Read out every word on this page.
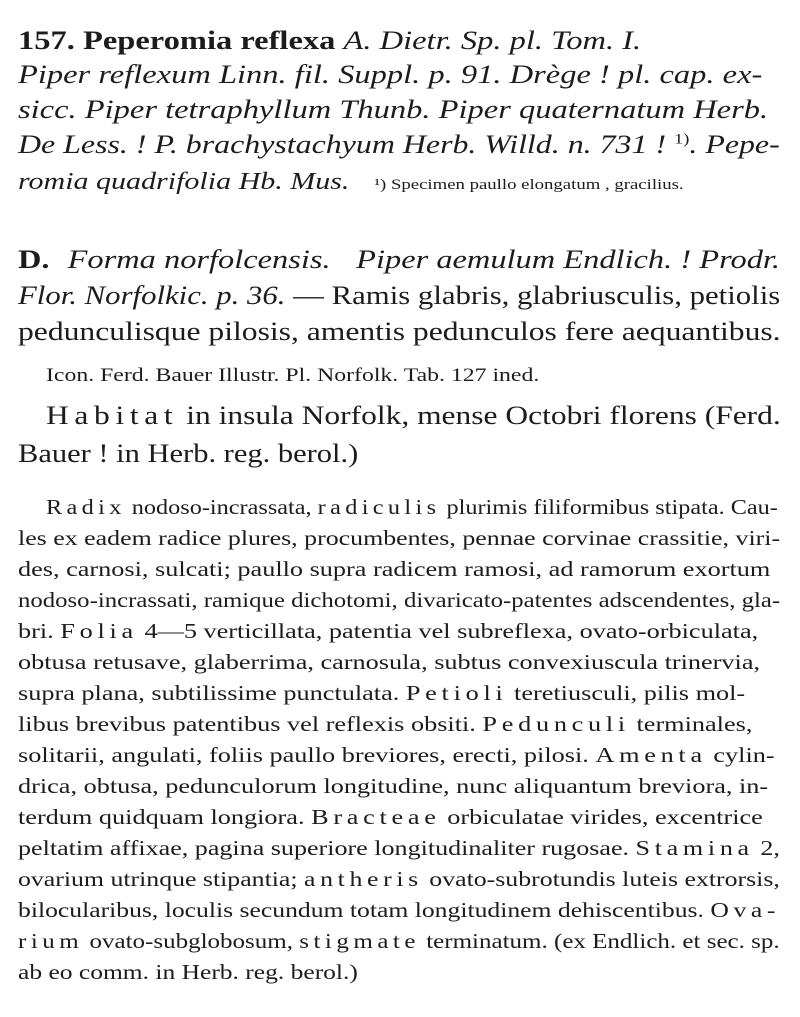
157. Peperomia reflexa A. Dietr. Sp. pl. Tom. I.
Piper reflexum Linn. fil. Suppl. p. 91. Drège ! pl. cap. ex-
sicc. Piper tetraphyllum Thunb. Piper quaternatum Herb.
De Less. ! P. brachystachyum Herb. Willd. n. 731 ! $^{1)}$. Pepe-
romia quadrifolia Hb. Mus. ¹) Specimen paullo elongatum , gracilius.
D. Forma norfolcensis. Piper aemulum Endlich. ! Prodr.
Flor. Norfolkic. p. 36. — Ramis glabris, glabriusculis, petiolis
pedunculisque pilosis, amentis pedunculos fere aequantibus.
Icon. Ferd. Bauer Illustr. Pl. Norfolk. Tab. 127 ined.
Habitat in insula Norfolk, mense Octobri florens (Ferd.
Bauer ! in Herb. reg. berol.)
Radix nodoso-incrassata, radiculis plurimis filiformibus stipata. Cau-
les ex eadem radice plures, procumbentes, pennae corvinae crassitie, viri-
des, carnosi, sulcati; paullo supra radicem ramosi, ad ramorum exortum
nodoso-incrassati, ramique dichotomi, divaricato-patentes adscendentes, gla-
bri. Folia 4—5 verticillata, patentia vel subreflexa, ovato-orbiculata,
obtusa retusave, glaberrima, carnosula, subtus convexiuscula trinervia,
supra plana, subtilissime punctulata. Petioli teretiusculi, pilis mol-
libus brevibus patentibus vel reflexis obsiti. Pedunculi terminales,
solitarii, angulati, foliis paullo breviores, erecti, pilosi. Amenta cylin-
drica, obtusa, pedunculorum longitudine, nunc aliquantum breviora, in-
terdum quidquam longiora. Bracteae orbiculatae virides, excentrice
peltatim affixae, pagina superiore longitudinaliter rugosae. Stamina 2,
ovarium utrinque stipantia; antheris ovato-subrotundis luteis extrorsis,
bilocularibus, loculis secundum totam longitudinem dehiscentibus. Ova-
rium ovato-subglobosum, stigmate terminatum. (ex Endlich. et sec. sp.
ab eo comm. in Herb. reg. berol.)
